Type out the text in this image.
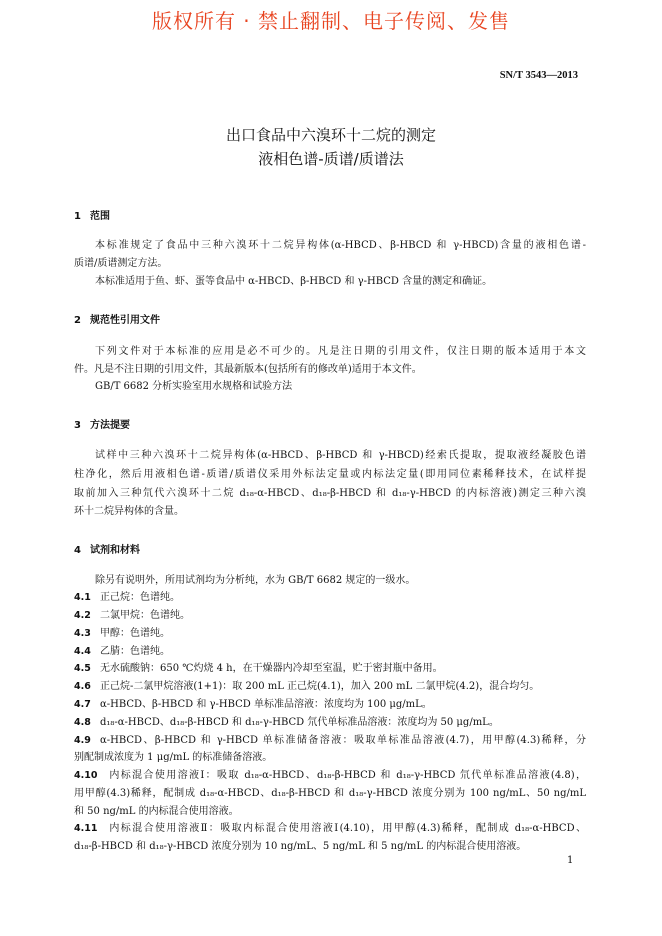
版权所有 · 禁止翻制、电子传阅、发售
SN/T 3543—2013
出口食品中六溴环十二烷的测定
液相色谱-质谱/质谱法
1 范围
本标准规定了食品中三种六溴环十二烷异构体(α-HBCD、β-HBCD 和 γ-HBCD)含量的液相色谱-
质谱/质谱测定方法。
本标准适用于鱼、虾、蛋等食品中 α-HBCD、β-HBCD 和 γ-HBCD 含量的测定和确证。
2 规范性引用文件
下列文件对于本标准的应用是必不可少的。凡是注日期的引用文件，仅注日期的版本适用于本文
件。凡是不注日期的引用文件，其最新版本(包括所有的修改单)适用于本文件。
GB/T 6682 分析实验室用水规格和试验方法
3 方法提要
试样中三种六溴环十二烷异构体(α-HBCD、β-HBCD 和 γ-HBCD)经索氏提取，提取液经凝胶色谱
柱净化，然后用液相色谱-质谱/质谱仪采用外标法定量或内标法定量(即用同位素稀释技术，在试样提
取前加入三种氘代六溴环十二烷 d₁₈-α-HBCD、d₁₈-β-HBCD 和 d₁₈-γ-HBCD 的内标溶液)测定三种六溴
环十二烷异构体的含量。
4 试剂和材料
除另有说明外，所用试剂均为分析纯，水为 GB/T 6682 规定的一级水。
4.1 正己烷：色谱纯。
4.2 二氯甲烷：色谱纯。
4.3 甲醇：色谱纯。
4.4 乙腈：色谱纯。
4.5 无水硫酸钠：650 ℃灼烧 4 h，在干燥器内冷却至室温，贮于密封瓶中备用。
4.6 正己烷-二氯甲烷溶液(1+1)：取 200 mL 正己烷(4.1)，加入 200 mL 二氯甲烷(4.2)，混合均匀。
4.7 α-HBCD、β-HBCD 和 γ-HBCD 单标准品溶液：浓度均为 100 μg/mL。
4.8 d₁₈-α-HBCD、d₁₈-β-HBCD 和 d₁₈-γ-HBCD 氘代单标准品溶液：浓度均为 50 μg/mL。
4.9 α-HBCD、β-HBCD 和 γ-HBCD 单标准储备溶液：吸取单标准品溶液(4.7)，用甲醇(4.3)稀释，分
别配制成浓度为 1 μg/mL 的标准储备溶液。
4.10 内标混合使用溶液Ⅰ：吸取 d₁₈-α-HBCD、d₁₈-β-HBCD 和 d₁₈-γ-HBCD 氘代单标准品溶液(4.8)，
用甲醇(4.3)稀释，配制成 d₁₈-α-HBCD、d₁₈-β-HBCD 和 d₁₈-γ-HBCD 浓度分别为 100 ng/mL、50 ng/mL
和 50 ng/mL 的内标混合使用溶液。
4.11 内标混合使用溶液Ⅱ：吸取内标混合使用溶液Ⅰ(4.10)，用甲醇(4.3)稀释，配制成 d₁₈-α-HBCD、
d₁₈-β-HBCD 和 d₁₈-γ-HBCD 浓度分别为 10 ng/mL、5 ng/mL 和 5 ng/mL 的内标混合使用溶液。
1
